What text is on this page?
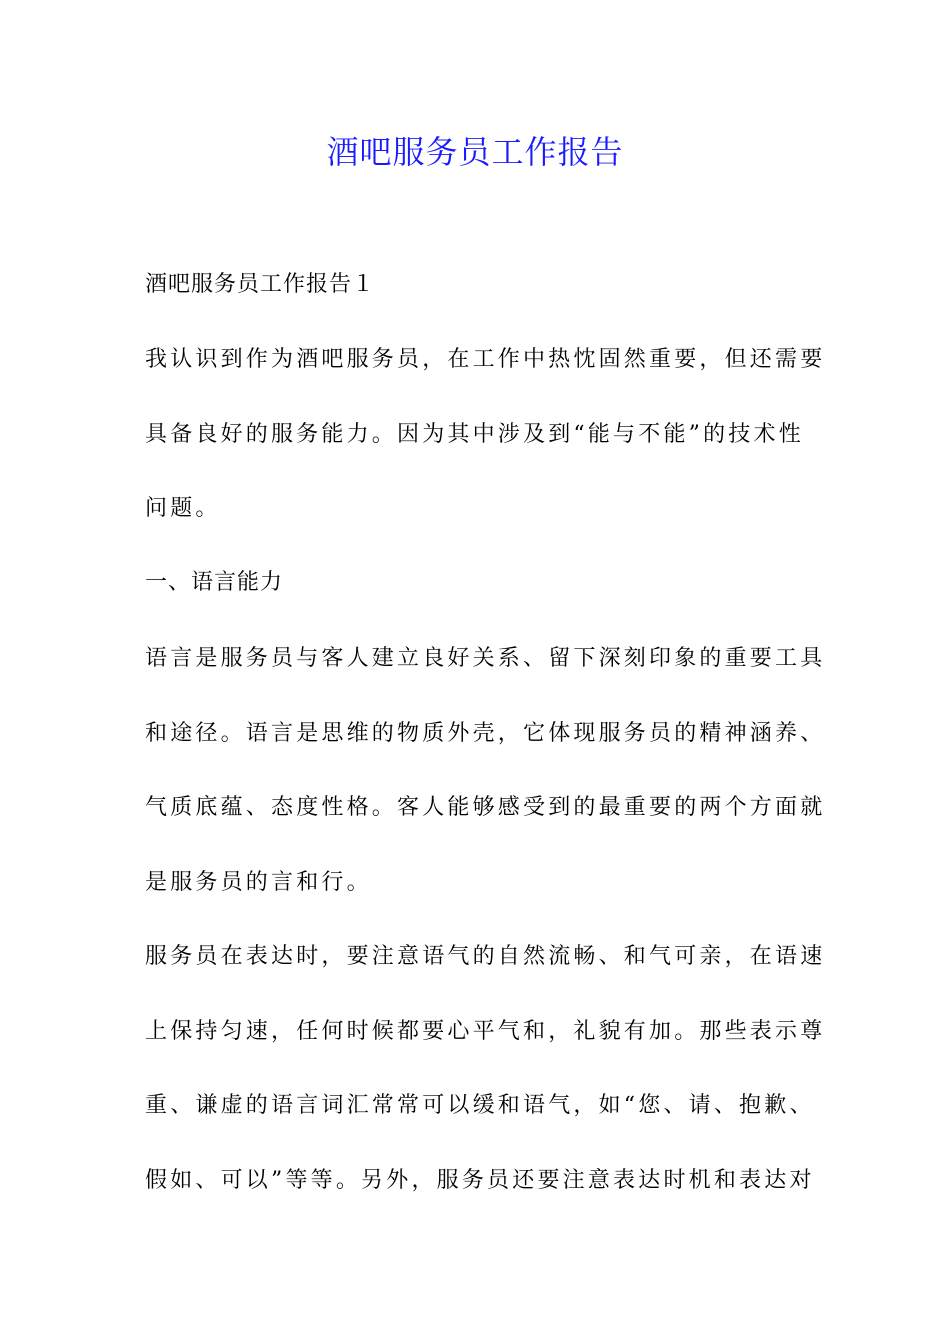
酒吧服务员工作报告
酒吧服务员工作报告１
我认识到作为酒吧服务员，在工作中热忱固然重要，但还需要
具备良好的服务能力。因为其中涉及到“能与不能”的技术性
问题。
一、语言能力
语言是服务员与客人建立良好关系、留下深刻印象的重要工具
和途径。语言是思维的物质外壳，它体现服务员的精神涵养、
气质底蕴、态度性格。客人能够感受到的最重要的两个方面就
是服务员的言和行。
服务员在表达时，要注意语气的自然流畅、和气可亲，在语速
上保持匀速，任何时候都要心平气和，礼貌有加。那些表示尊
重、谦虚的语言词汇常常可以缓和语气，如“您、请、抱歉、
假如、可以”等等。另外，服务员还要注意表达时机和表达对
